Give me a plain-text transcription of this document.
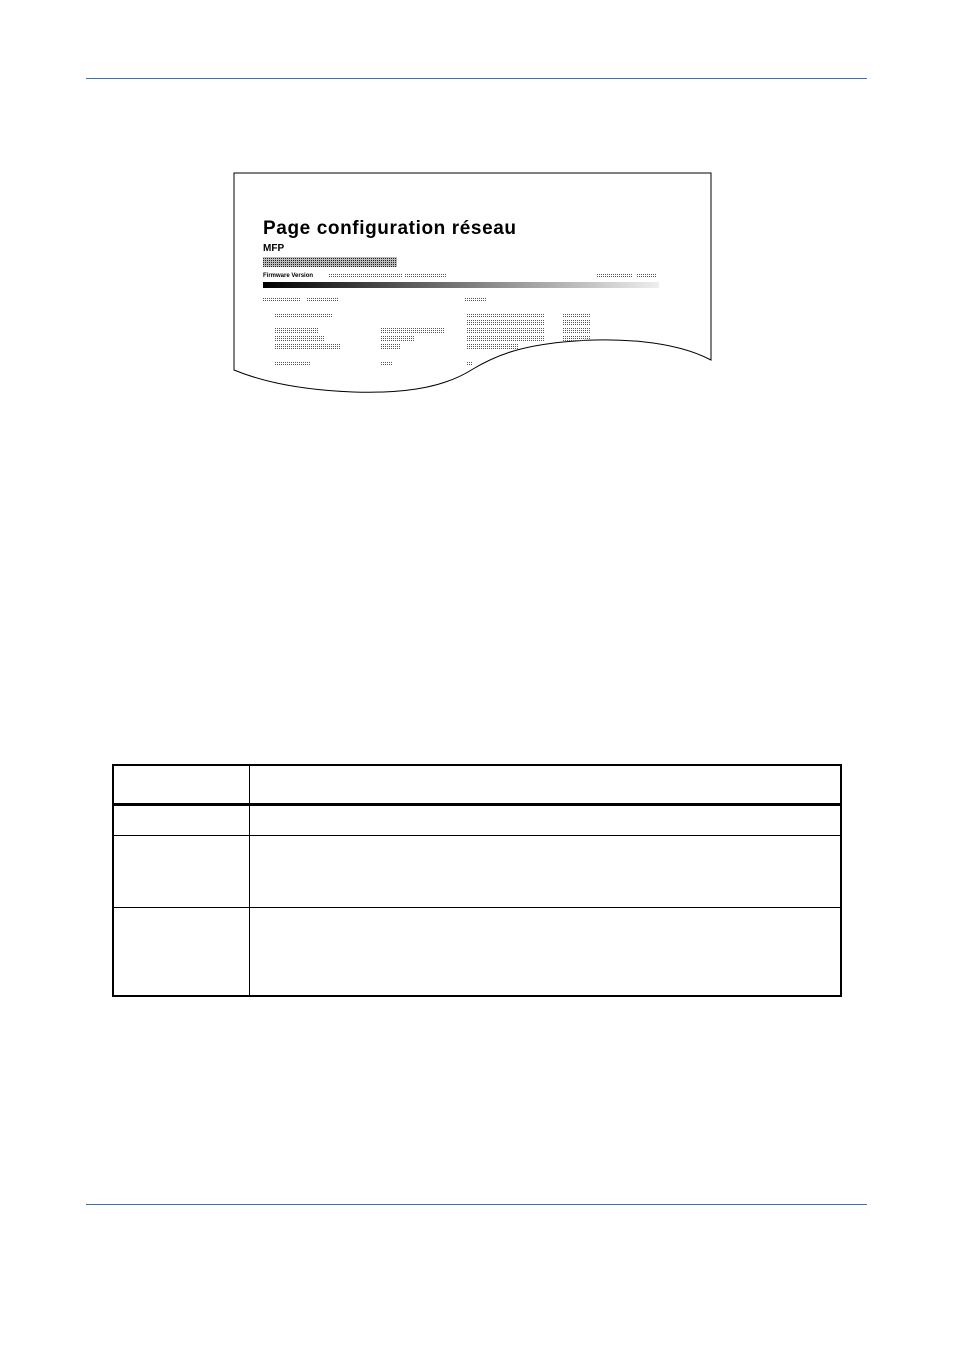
Page configuration réseau
MFP
Firmware Version
